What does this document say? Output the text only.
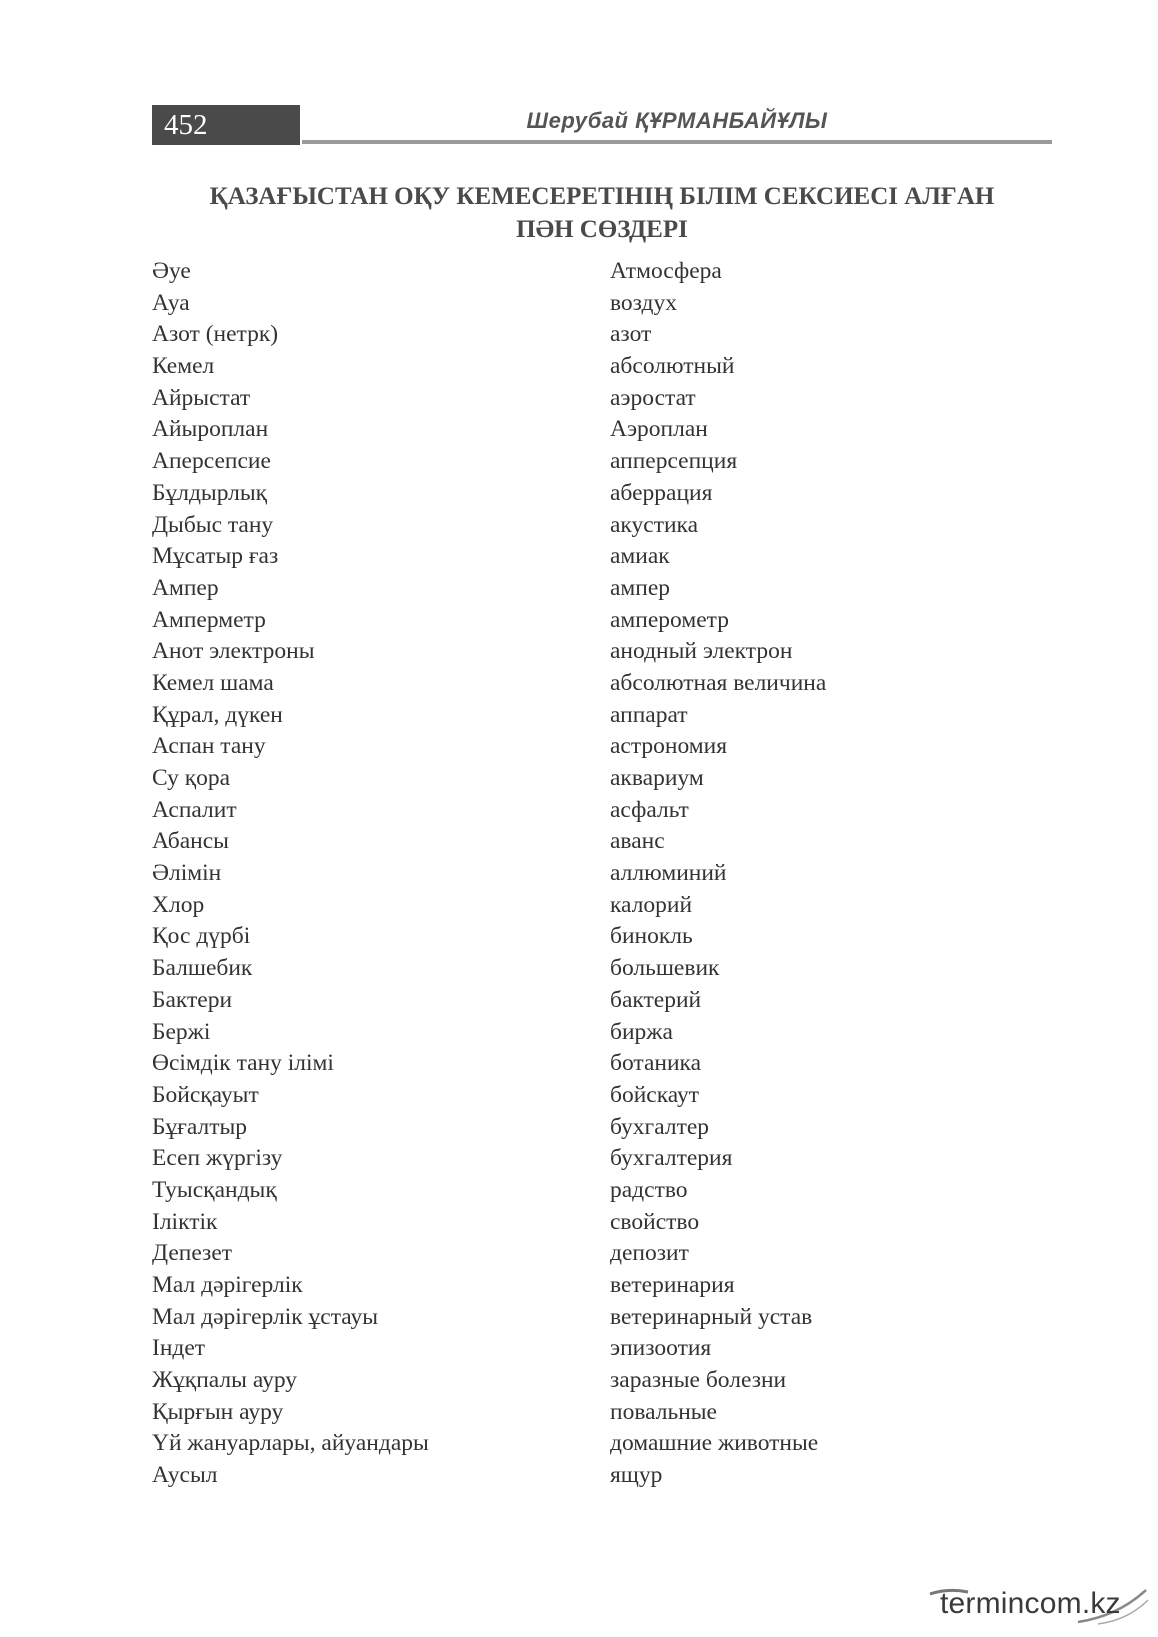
452	Шерубай ҚҰРМАНБАЙҰЛЫ
ҚАЗАҒЫСТАН ОҚУ КЕМЕСЕРЕТІНІҢ БІЛІМ СЕКСИЕСІ АЛҒАН
ПӘН СӨЗДЕРІ
Әуе	Атмосфера
Ауа	воздух
Азот (нетрк)	азот
Кемел	абсолютный
Айрыстат	аэростат
Айыроплан	Аэроплан
Аперсепсие	апперсепция
Бұлдырлық	аберрация
Дыбыс тану	акустика
Мұсатыр ғаз	амиак
Ампер	ампер
Амперметр	амперометр
Анот электроны	анодный электрон
Кемел шама	абсолютная величина
Құрал, дүкен	аппарат
Аспан тану	астрономия
Су қора	аквариум
Аспалит	асфальт
Абансы	аванс
Әлімін	аллюминий
Хлор	калорий
Қос дүрбі	бинокль
Балшебик	большевик
Бактери	бактерий
Бержі	биржа
Өсімдік тану ілімі	ботаника
Бойсқауыт	бойскаут
Бұғалтыр	бухгалтер
Есеп жүргізу	бухгалтерия
Туысқандық	радство
Іліктік	свойство
Депезет	депозит
Мал дәрігерлік	ветеринария
Мал дәрігерлік ұстауы	ветеринарный устав
Індет	эпизоотия
Жұқпалы ауру	заразные болезни
Қырғын ауру	повальные
Үй жануарлары, айуандары	домашние животные
Аусыл	ящур
termincom.kz
